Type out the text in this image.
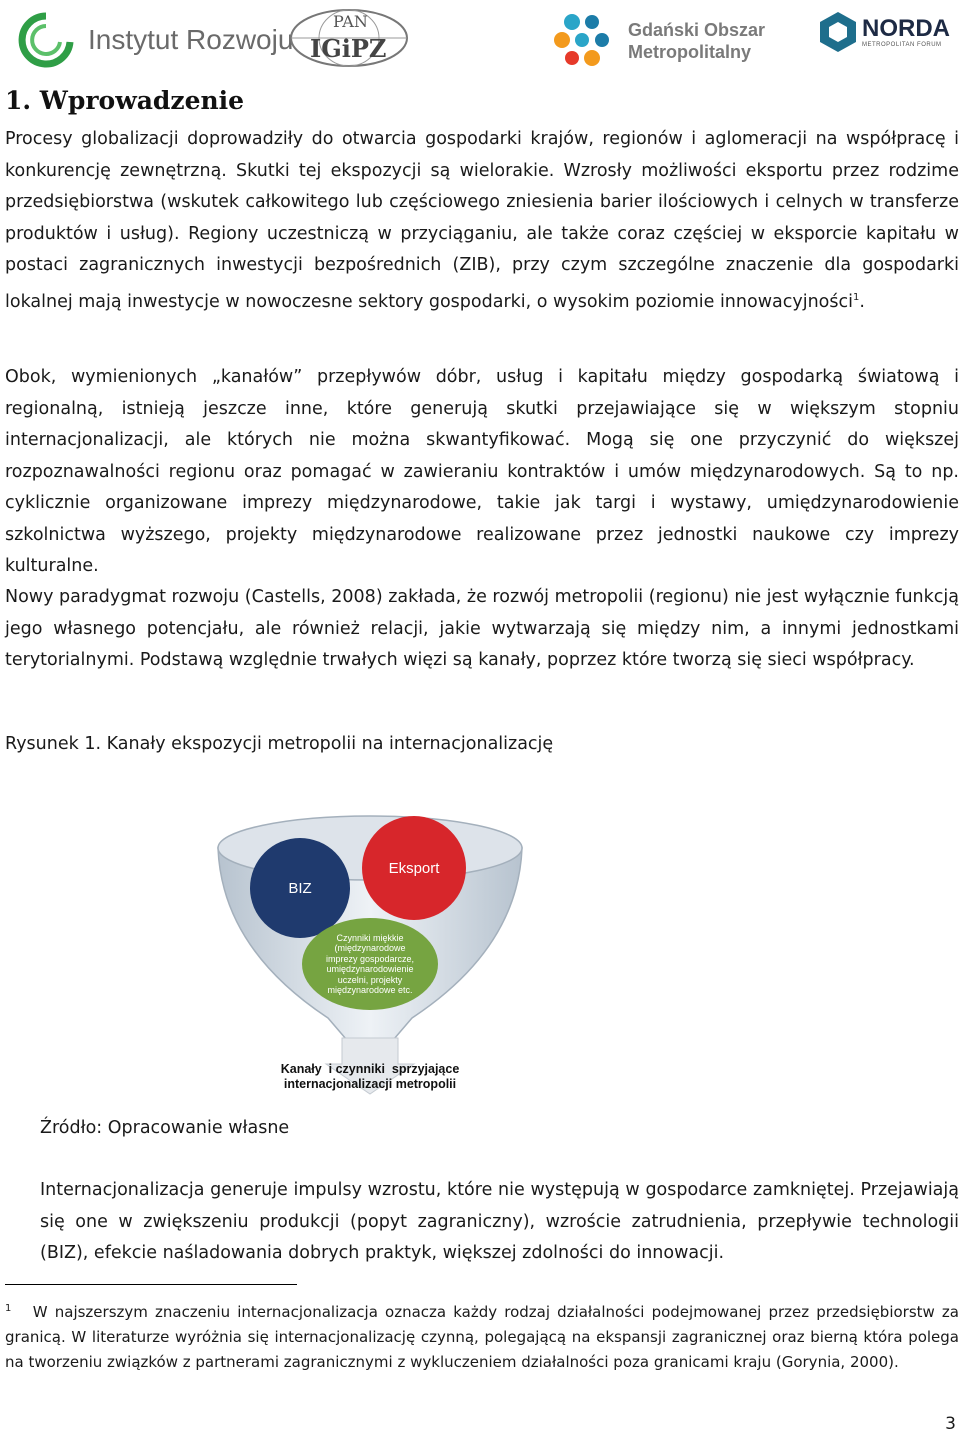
Instytut Rozwoju
PAN
IGiPZ
Gdański Obszar
Metropolitalny
NORDA
METROPOLITAN FORUM
1. Wprowadzenie

Procesy globalizacji doprowadziły do otwarcia gospodarki krajów, regionów i aglomeracji na współpracę i konkurencję zewnętrzną. Skutki tej ekspozycji są wielorakie. Wzrosły możliwości eksportu przez rodzime przedsiębiorstwa (wskutek całkowitego lub częściowego zniesienia barier ilościowych i celnych w transferze produktów i usług). Regiony uczestniczą w przyciąganiu, ale także coraz częściej w eksporcie kapitału w postaci zagranicznych inwestycji bezpośrednich (ZIB), przy czym szczególne znaczenie dla gospodarki lokalnej mają inwestycje w nowoczesne sektory gospodarki, o wysokim poziomie innowacyjności$^1$.

Obok, wymienionych „kanałów” przepływów dóbr, usług i kapitału między gospodarką światową i regionalną, istnieją jeszcze inne, które generują skutki przejawiające się w większym stopniu internacjonalizacji, ale których nie można skwantyfikować. Mogą się one przyczynić do większej rozpoznawalności regionu oraz pomagać w zawieraniu kontraktów i umów międzynarodowych. Są to np. cyklicznie organizowane imprezy międzynarodowe, takie jak targi i wystawy, umiędzynarodowienie szkolnictwa wyższego, projekty międzynarodowe realizowane przez jednostki naukowe czy imprezy kulturalne.

Nowy paradygmat rozwoju (Castells, 2008) zakłada, że rozwój metropolii (regionu) nie jest wyłącznie funkcją jego własnego potencjału, ale również relacji, jakie wytwarzają się między nim, a innymi jednostkami terytorialnymi. Podstawą względnie trwałych więzi są kanały, poprzez które tworzą się sieci współpracy.

Rysunek 1. Kanały ekspozycji metropolii na internacjonalizację

BIZ
Eksport
Czynniki miękkie
(międzynarodowe
imprezy gospodarcze,
umiędzynarodowienie
uczelni, projekty
międzynarodowe etc.
Kanały  i czynniki  sprzyjające
internacjonalizacji metropolii

Źródło: Opracowanie własne

Internacjonalizacja generuje impulsy wzrostu, które nie występują w gospodarce zamkniętej. Przejawiają się one w zwiększeniu produkcji (popyt zagraniczny), wzroście zatrudnienia, przepływie technologii (BIZ), efekcie naśladowania dobrych praktyk, większej zdolności do innowacji.

$^1$ W najszerszym znaczeniu internacjonalizacja oznacza każdy rodzaj działalności podejmowanej przez przedsiębiorstw za granicą. W literaturze wyróżnia się internacjonalizację czynną, polegającą na ekspansji zagranicznej oraz bierną która polega na tworzeniu związków z partnerami zagranicznymi z wykluczeniem działalności poza granicami kraju (Gorynia, 2000).

3
